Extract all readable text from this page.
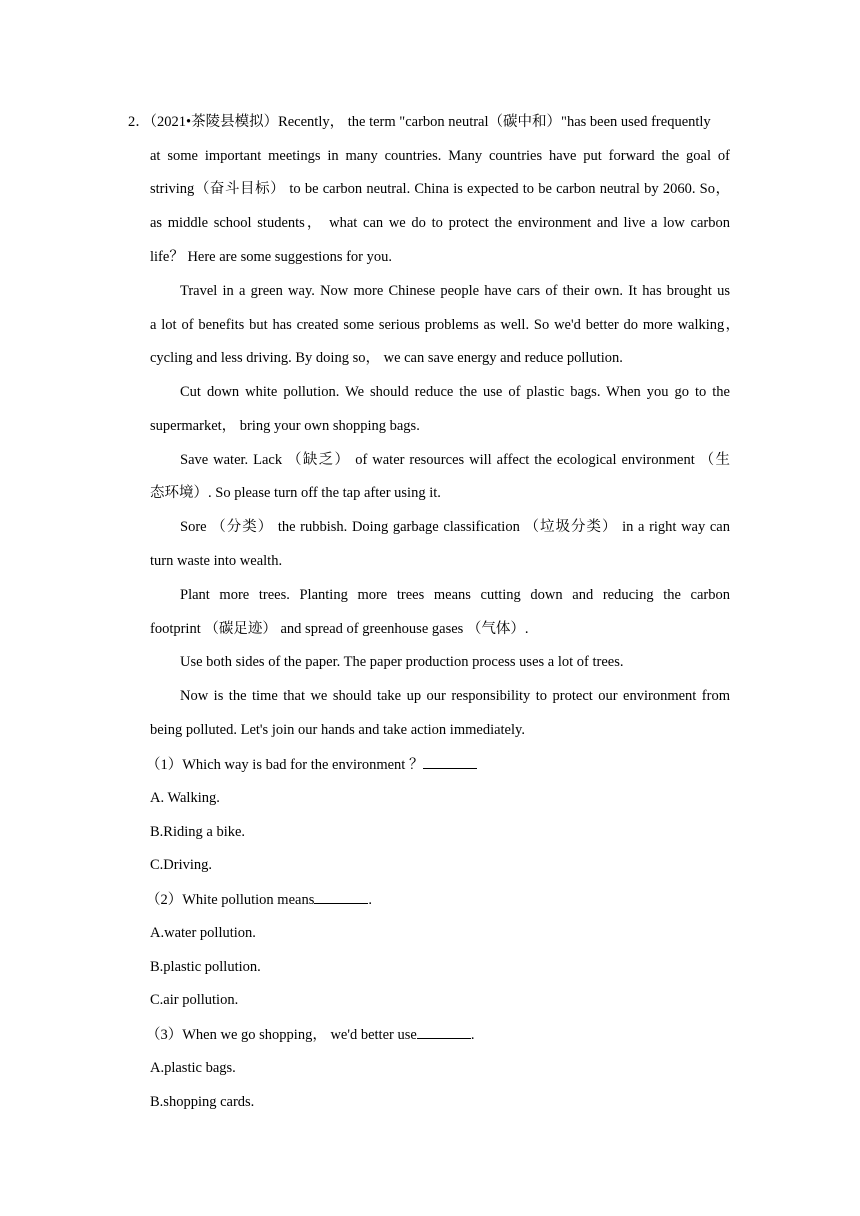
2．（2021•茶陵县模拟）Recently， the term "carbon neutral（碳中和）"has been used frequently
at some important meetings in many countries. Many countries have put forward the goal of
striving（奋斗目标） to be carbon neutral. China is expected to be carbon neutral by 2060. So，
as middle school students， what can we do to protect the environment and live a low carbon
life？ Here are some suggestions for you.
Travel in a green way. Now more Chinese people have cars of their own. It has brought us
a lot of benefits but has created some serious problems as well. So we'd better do more walking，
cycling and less driving. By doing so， we can save energy and reduce pollution.
Cut down white pollution. We should reduce the use of plastic bags. When you go to the
supermarket， bring your own shopping bags.
Save water. Lack （缺乏） of water resources will affect the ecological environment （生
态环境）. So please turn off the tap after using it.
Sore （分类） the rubbish. Doing garbage classification （垃圾分类） in a right way can
turn waste into wealth.
Plant more trees. Planting more trees means cutting down and reducing the carbon
footprint （碳足迹） and spread of greenhouse gases （气体）.
Use both sides of the paper. The paper production process uses a lot of trees.
Now is the time that we should take up our responsibility to protect our environment from
being polluted. Let's join our hands and take action immediately.
（1）Which way is bad for the environment ？
A. Walking.
B.Riding a bike.
C.Driving.
（2）White pollution means	.
A.water pollution.
B.plastic pollution.
C.air pollution.
（3）When we go shopping， we'd better use	.
A.plastic bags.
B.shopping cards.
